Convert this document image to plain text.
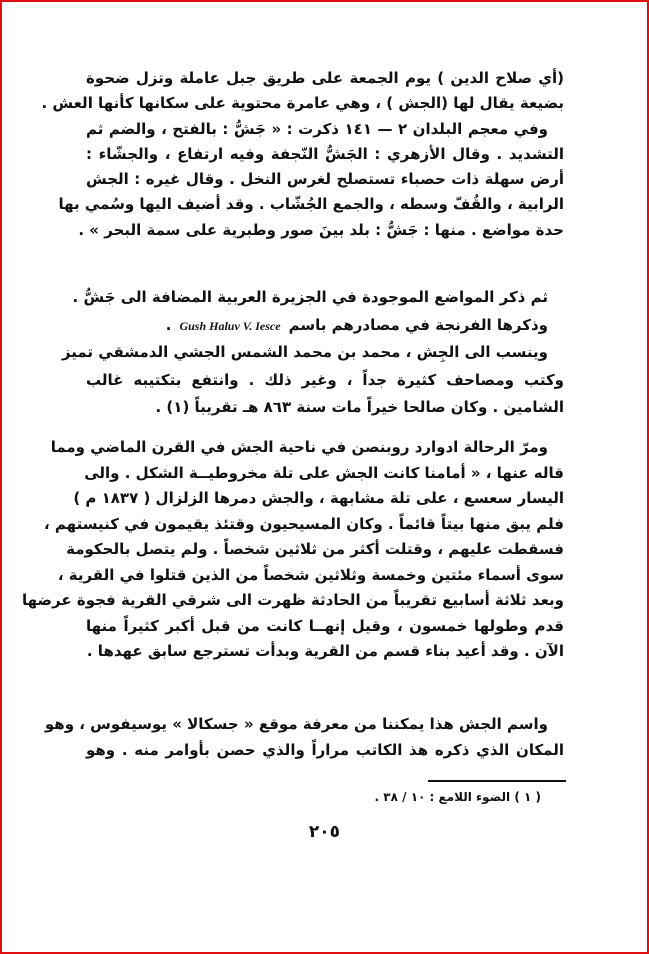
(أي صلاح الدين ) يوم الجمعة على طريق جبل عاملة وتزل ضحوة
بضيعة يقال لها (الجش ) ، وهي عامرة محتوية على سكانها كأنها العش .
وفي معجم البلدان ٢ — ١٤١ ذكرت : « جَشُّ : بالفتح ، والضم ثم
التشديد . وقال الأزهري : الجَشُّ النّجفة وفيه ارتفاع ، والجشّاء :
أرض سهلة ذات حصباء تستصلح لغرس النخل . وقال غيره : الجش
الرابية ، والقُفّ وسطه ، والجمع الجُشّاب . وقد أضيف اليها وسُمي بها
حدة مواضع . منها : جَشُّ : بلد بينَ صور وطبرية على سمة البحر » .
ثم ذكر المواضع الموجودة في الجزيرة العربية المضافة الى جَشُّ .
وذكرها الفرنجة في مصادرهم باسمGush Haluv V. Iesce.
وينسب الى الجِش ، محمد بن محمد الشمس الجشي الدمشقي تميز
وكتب ومصاحف كثيرة جداً ، وغير ذلك . وانتفع بتكتيبه غالب
الشامين . وكان صالحا خيراً مات سنة ٨٦٣ هـ تقريباً (١) .
ومرّ الرحالة ادوارد روبنصن في ناحية الجش في القرن الماضي ومما
قاله عنها ، « أمامنا كانت الجش على تلة مخروطيــة الشكل . والى
اليسار سعسع ، على تلة مشابهة ، والجش دمرها الزلزال ( ١٨٣٧ م )
فلم يبق منها بيتاً قائماً . وكان المسيحيون وقتئذ يقيمون في كنيستهم ،
فسقطت عليهم ، وقتلت أكثر من ثلاثين شخصاً . ولم يتصل بالحكومة
سوى أسماء مئتين وخمسة وثلاثين شخصاً من الذين قتلوا في القرية ،
وبعد ثلاثة أسابيع تقريباً من الحادثة ظهرت الى شرقي القرية فجوة عرضها
قدم وطولها خمسون ، وقيل إنهــا كانت من قبل أكبر كثيراً منها
الآن . وقد أعيد بناء قسم من القرية وبدأت تسترجع سابق عهدها .
واسم الجش هذا يمكننا من معرفة موقع « جسكالا » يوسيفوس ، وهو
المكان الذي ذكره هذ الكاتب مراراً والذي حصن بأوامر منه . وهو
( ١ ) الضوء اللامع : ١٠ / ٣٨ .
٢٠٥
